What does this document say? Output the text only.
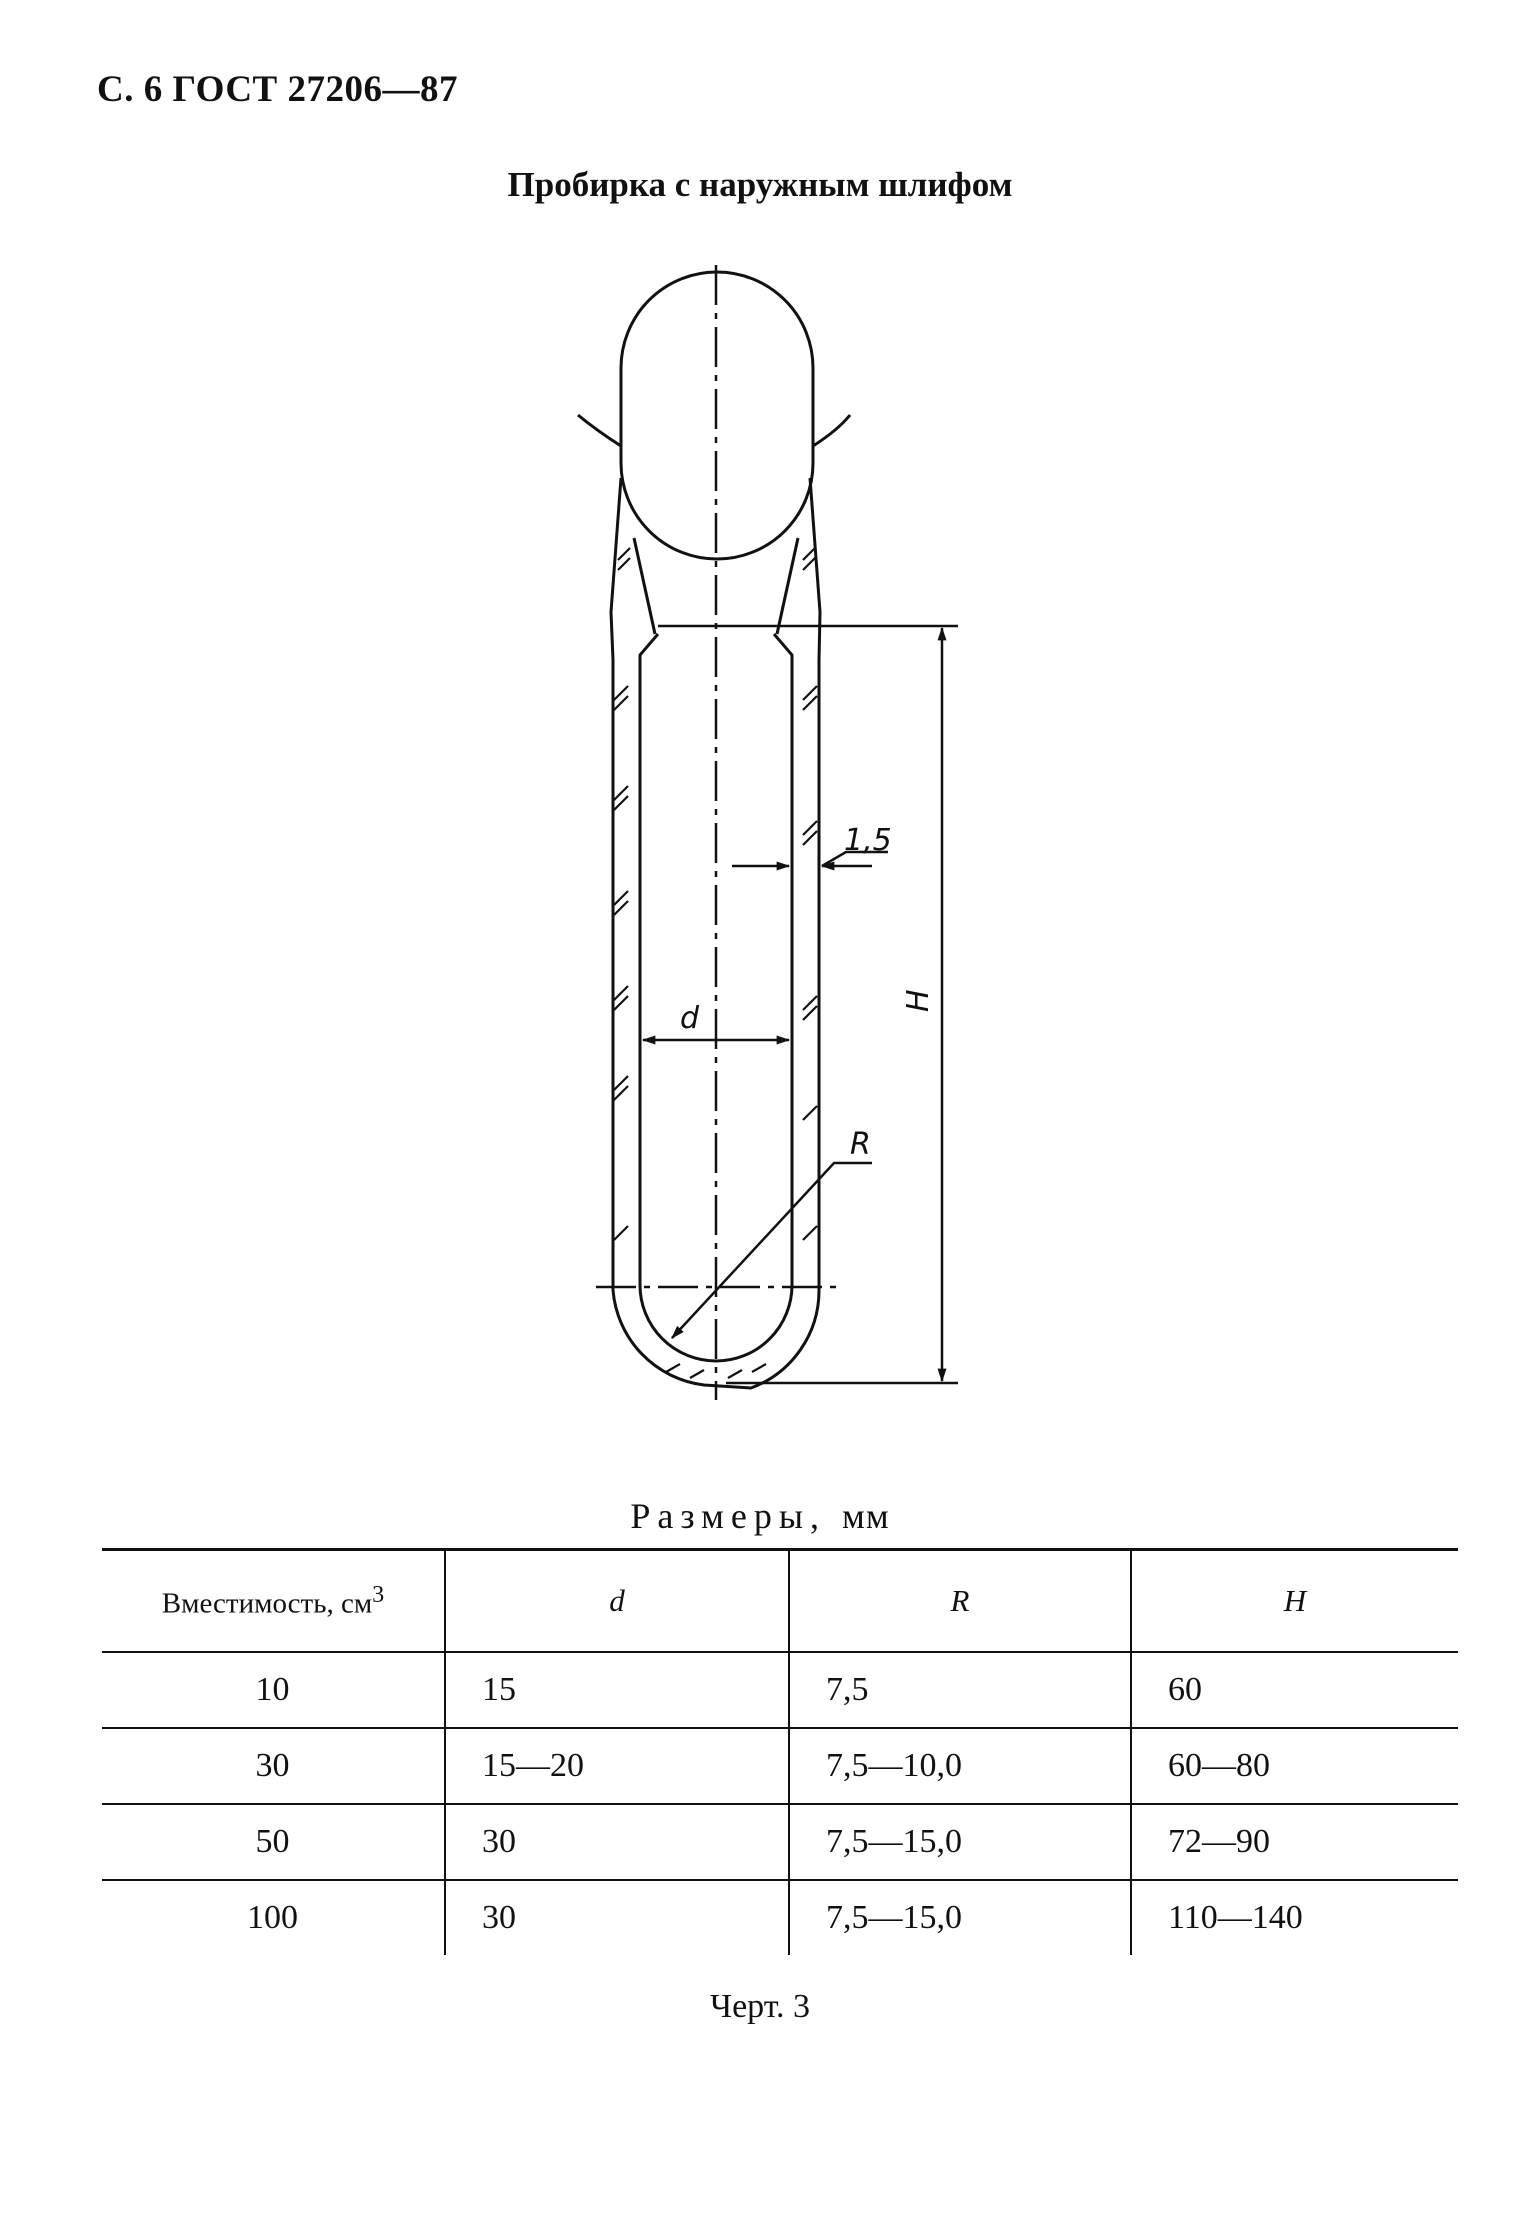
С. 6 ГОСТ 27206—87
Пробирка с наружным шлифом
1,5
d
R
H
Размеры, мм
Вместимость, $см^3$	d	R	H
10	15	7,5	60
30	15—20	7,5—10,0	60—80
50	30	7,5—15,0	72—90
100	30	7,5—15,0	110—140
Черт. 3
